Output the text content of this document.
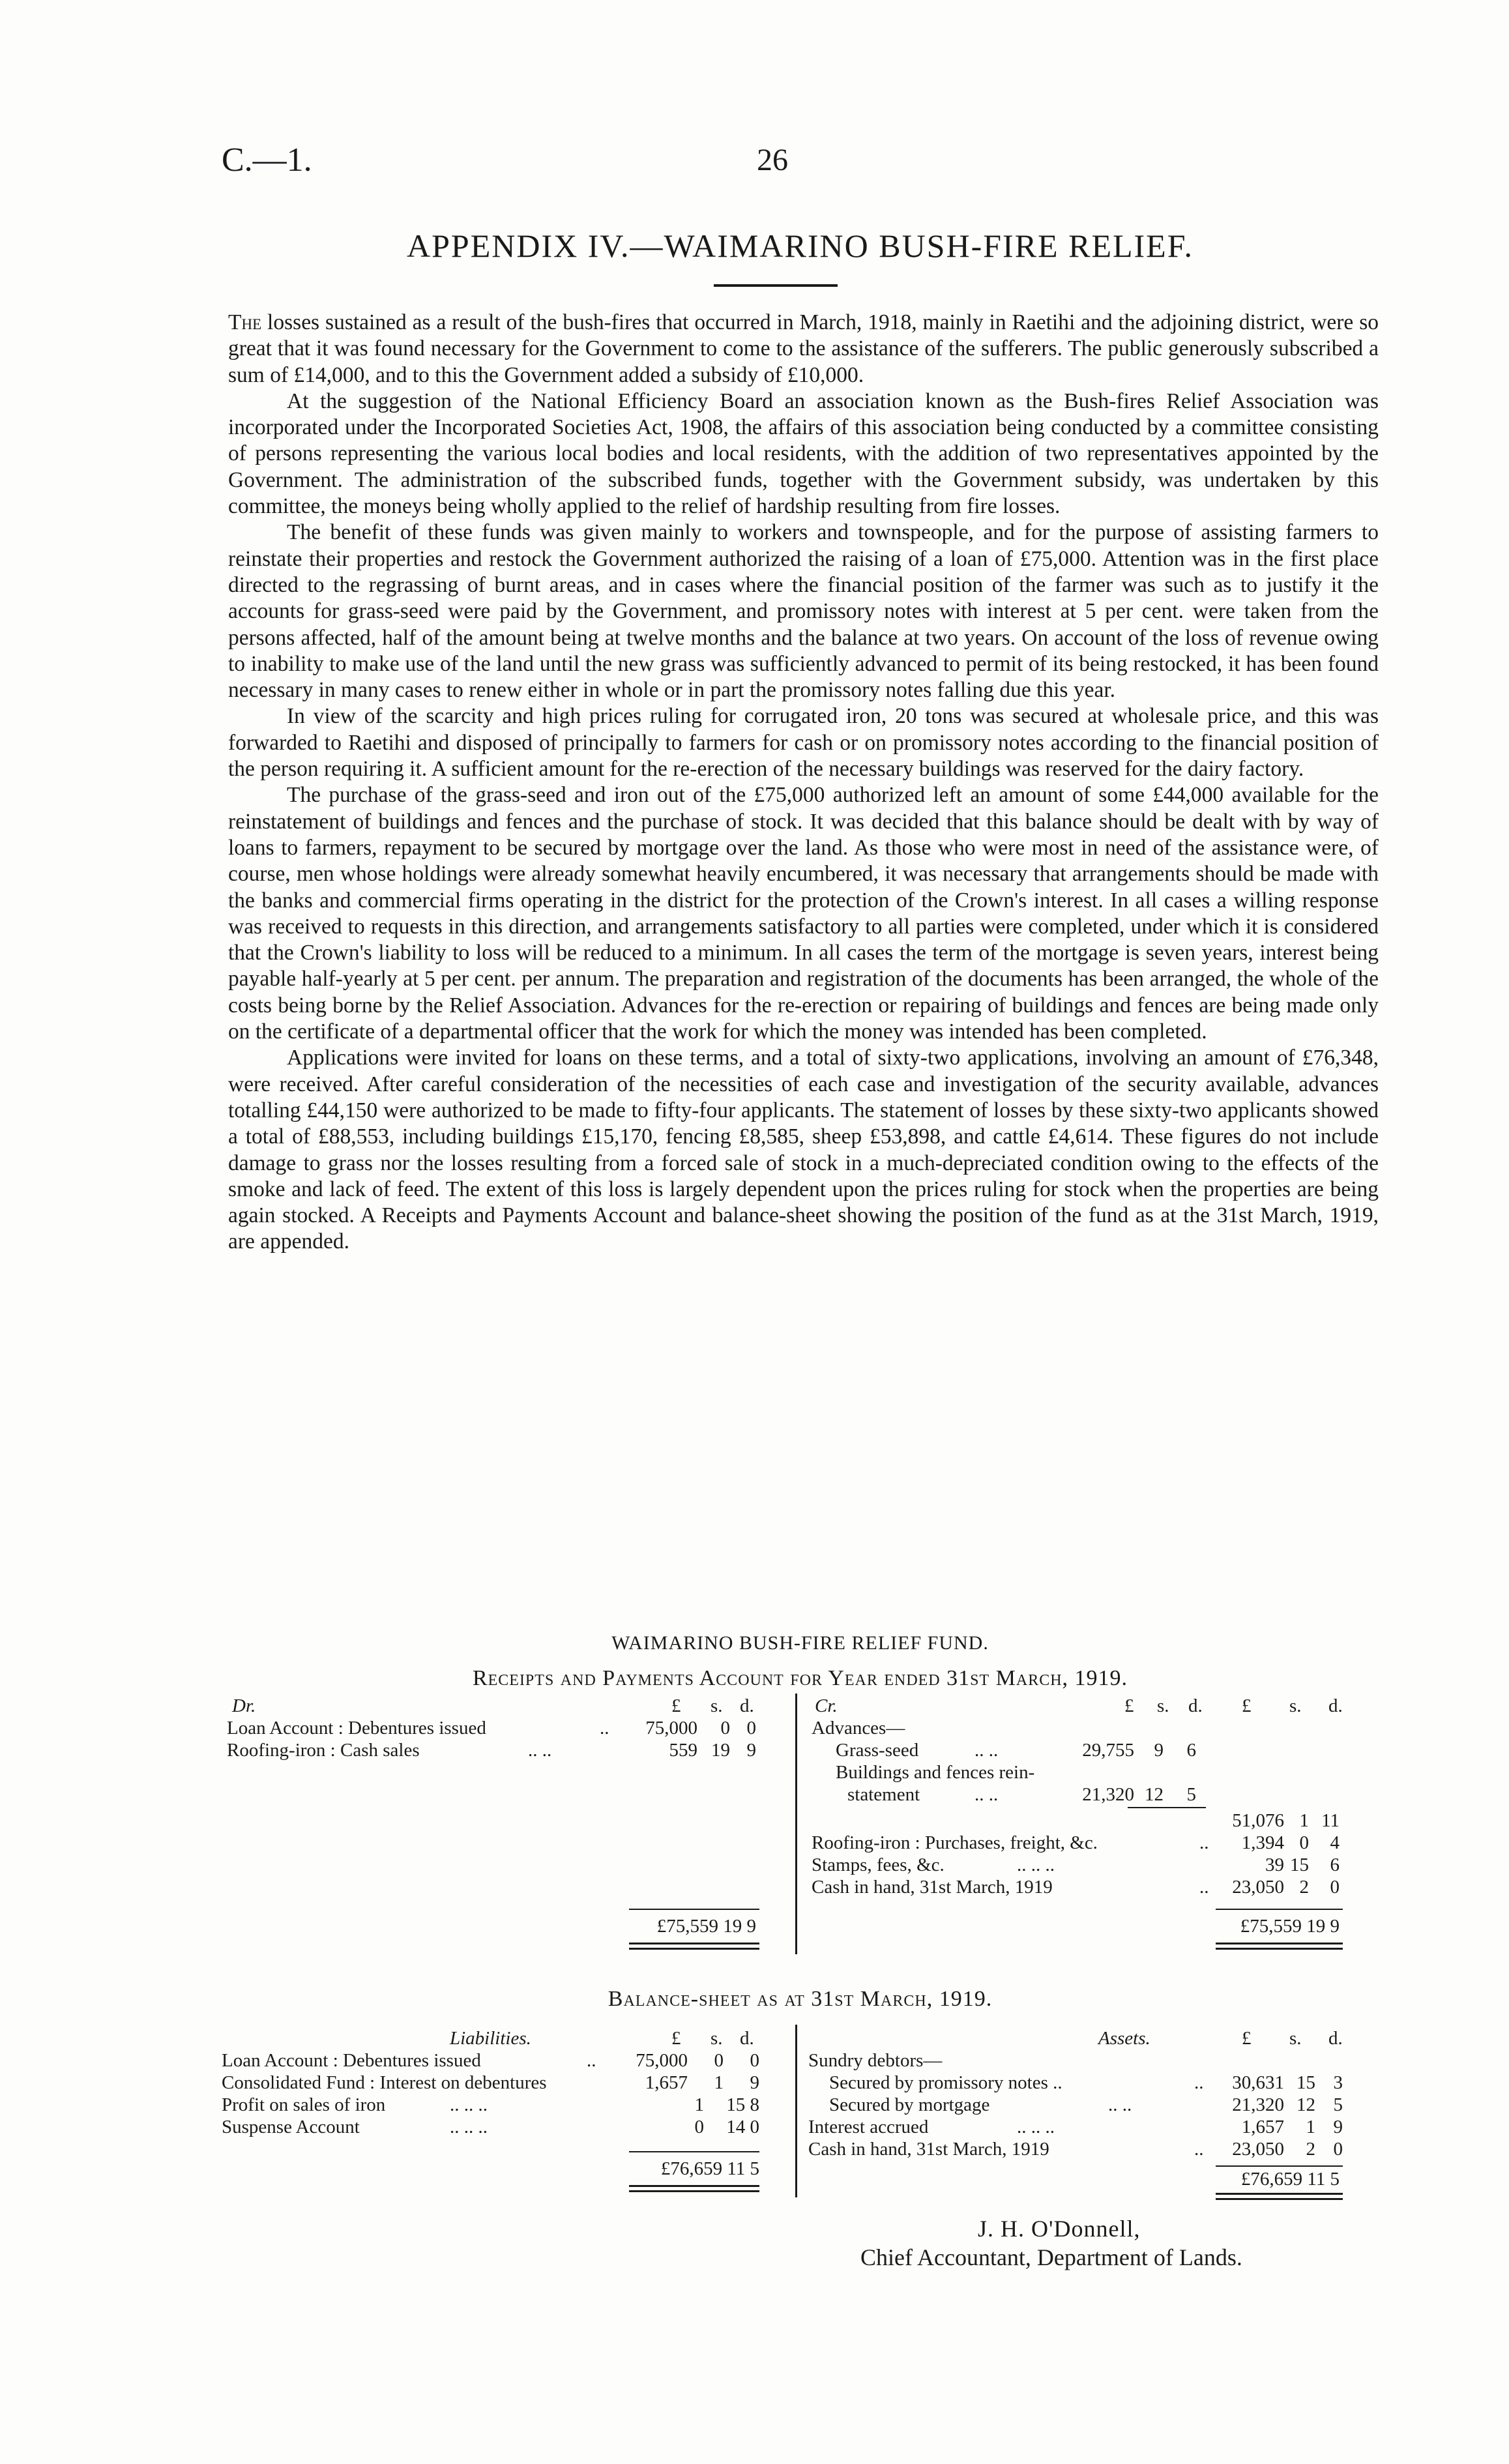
C.—1.	26
APPENDIX IV.—WAIMARINO BUSH-FIRE RELIEF.

The losses sustained as a result of the bush-fires that occurred in March, 1918, mainly in Raetihi and the adjoining district, were so great that it was found necessary for the Government to come to the assistance of the sufferers. The public generously subscribed a sum of £14,000, and to this the Government added a subsidy of £10,000.

At the suggestion of the National Efficiency Board an association known as the Bush-fires Relief Association was incorporated under the Incorporated Societies Act, 1908, the affairs of this association being conducted by a committee consisting of persons representing the various local bodies and local residents, with the addition of two representatives appointed by the Government. The administration of the subscribed funds, together with the Government subsidy, was undertaken by this committee, the moneys being wholly applied to the relief of hardship resulting from fire losses.

The benefit of these funds was given mainly to workers and townspeople, and for the purpose of assisting farmers to reinstate their properties and restock the Government authorized the raising of a loan of £75,000. Attention was in the first place directed to the regrassing of burnt areas, and in cases where the financial position of the farmer was such as to justify it the accounts for grass-seed were paid by the Government, and promissory notes with interest at 5 per cent. were taken from the persons affected, half of the amount being at twelve months and the balance at two years. On account of the loss of revenue owing to inability to make use of the land until the new grass was sufficiently advanced to permit of its being restocked, it has been found necessary in many cases to renew either in whole or in part the promissory notes falling due this year.

In view of the scarcity and high prices ruling for corrugated iron, 20 tons was secured at wholesale price, and this was forwarded to Raetihi and disposed of principally to farmers for cash or on promissory notes according to the financial position of the person requiring it. A sufficient amount for the re-erection of the necessary buildings was reserved for the dairy factory.

The purchase of the grass-seed and iron out of the £75,000 authorized left an amount of some £44,000 available for the reinstatement of buildings and fences and the purchase of stock. It was decided that this balance should be dealt with by way of loans to farmers, repayment to be secured by mortgage over the land. As those who were most in need of the assistance were, of course, men whose holdings were already somewhat heavily encumbered, it was necessary that arrangements should be made with the banks and commercial firms operating in the district for the protection of the Crown's interest. In all cases a willing response was received to requests in this direction, and arrangements satisfactory to all parties were completed, under which it is considered that the Crown's liability to loss will be reduced to a minimum. In all cases the term of the mortgage is seven years, interest being payable half-yearly at 5 per cent. per annum. The preparation and registration of the documents has been arranged, the whole of the costs being borne by the Relief Association. Advances for the re-erection or repairing of buildings and fences are being made only on the certificate of a departmental officer that the work for which the money was intended has been completed.

Applications were invited for loans on these terms, and a total of sixty-two applications, involving an amount of £76,348, were received. After careful consideration of the necessities of each case and investigation of the security available, advances totalling £44,150 were authorized to be made to fifty-four applicants. The statement of losses by these sixty-two applicants showed a total of £88,553, including buildings £15,170, fencing £8,585, sheep £53,898, and cattle £4,614. These figures do not include damage to grass nor the losses resulting from a forced sale of stock in a much-depreciated condition owing to the effects of the smoke and lack of feed. The extent of this loss is largely dependent upon the prices ruling for stock when the properties are being again stocked. A Receipts and Payments Account and balance-sheet showing the position of the fund as at the 31st March, 1919, are appended.

WAIMARINO BUSH-FIRE RELIEF FUND.
Receipts and Payments Account for Year ended 31st March, 1919.
Dr.	£ s. d.
Loan Account : Debentures issued	..	75,000	0 0
Roofing-iron : Cash sales	.. ..	559 19 9
£75,559 19 9
Cr.	£ s. d. £ s. d.
Advances—
Grass-seed	.. ..	29,755	9	6
Buildings and fences rein-
statement	.. ..	21,320 12	5
51,076 1 11
Roofing-iron : Purchases, freight, &c.	..	1,394 0	4
Stamps, fees, &c.	.. .. ..	39 15	6
Cash in hand, 31st March, 1919	..	23,050 2	0
£75,559 19 9
Balance-sheet as at 31st March, 1919.
Liabilities.	£ s. d.
Loan Account : Debentures issued	..	75,000	0	0
Consolidated Fund : Interest on debentures	1,657	1	9
Profit on sales of iron	.. .. ..	1	15 8
Suspense Account	.. .. ..	0	14 0
£76,659 11 5
Assets.	£ s. d.
Sundry debtors—
Secured by promissory notes ..	..	30,631 15 3
Secured by mortgage	.. ..	21,320 12 5
Interest accrued	.. .. ..	1,657	1 9
Cash in hand, 31st March, 1919	..	23,050	2 0
£76,659 11 5
J. H. O'Donnell,
Chief Accountant, Department of Lands.
